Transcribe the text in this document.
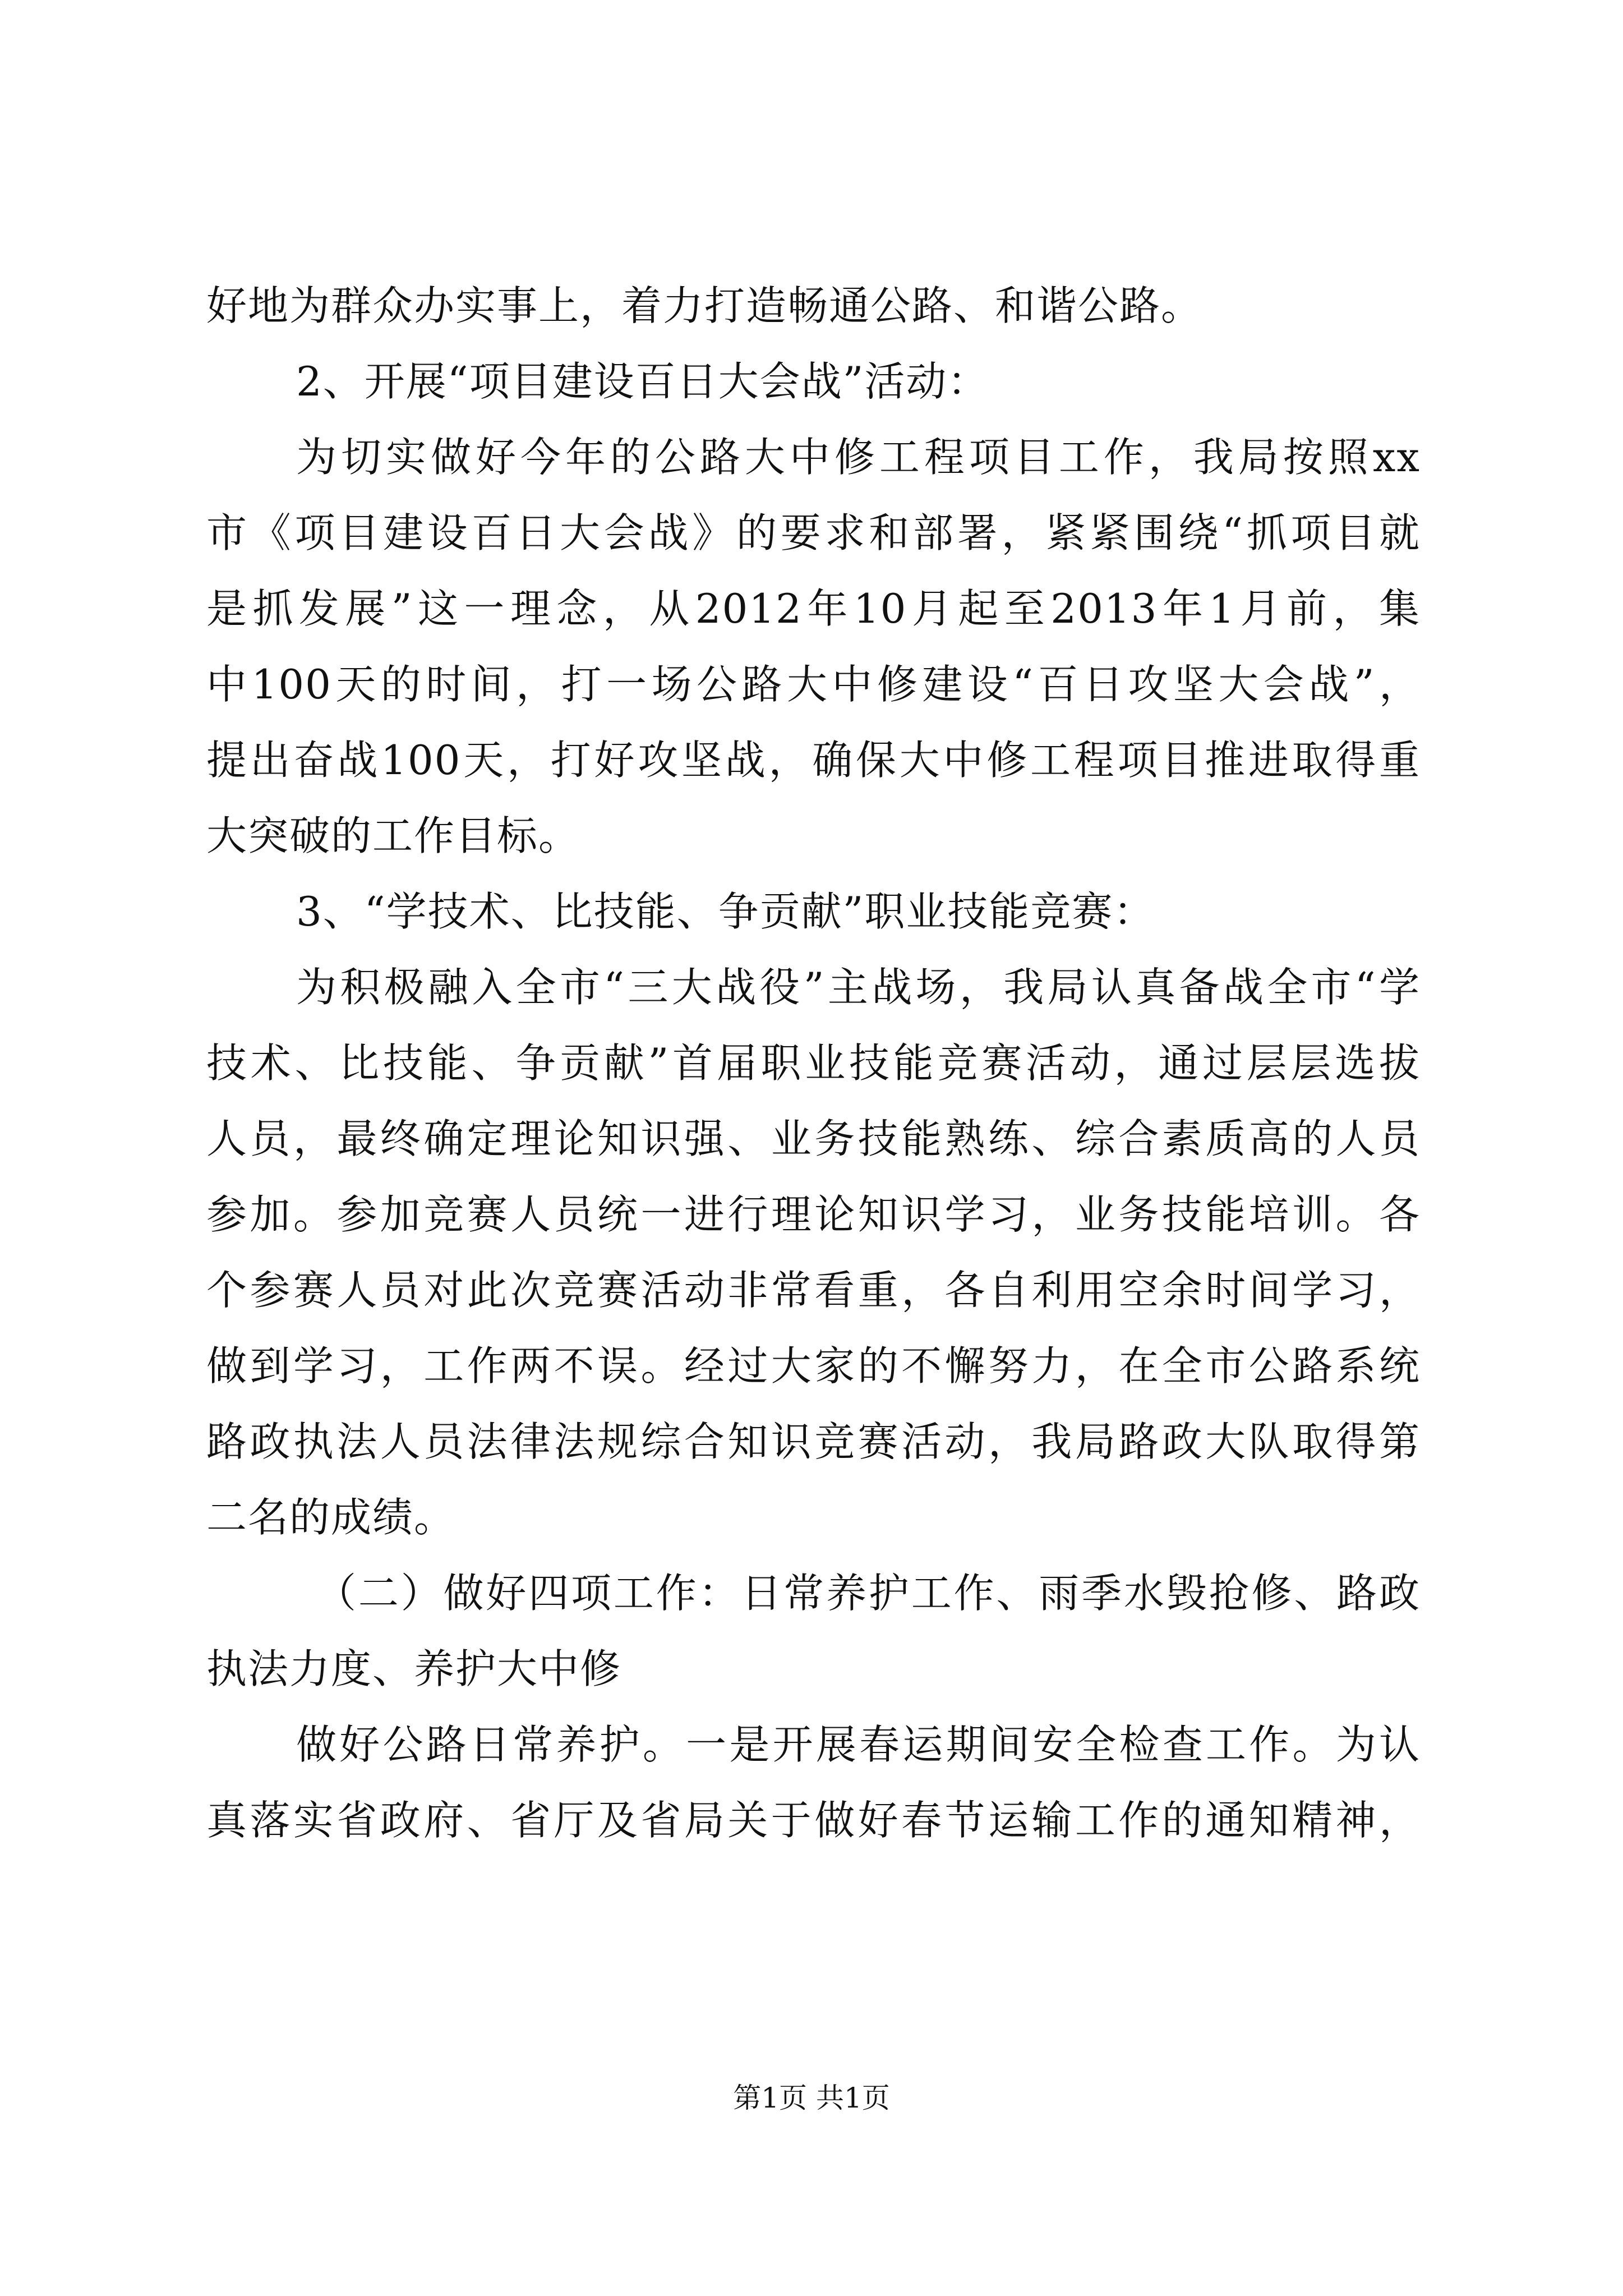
好地为群众办实事上，着力打造畅通公路、和谐公路。
2、开展“项目建设百日大会战”活动：
为切实做好今年的公路大中修工程项目工作，我局按照xx
市《项目建设百日大会战》的要求和部署，紧紧围绕“抓项目就
是抓发展”这一理念，从2012年10月起至2013年1月前，集
中100天的时间，打一场公路大中修建设“百日攻坚大会战”，
提出奋战100天，打好攻坚战，确保大中修工程项目推进取得重
大突破的工作目标。
3、“学技术、比技能、争贡献”职业技能竞赛：
为积极融入全市“三大战役”主战场，我局认真备战全市“学
技术、比技能、争贡献”首届职业技能竞赛活动，通过层层选拔
人员，最终确定理论知识强、业务技能熟练、综合素质高的人员
参加。参加竞赛人员统一进行理论知识学习，业务技能培训。各
个参赛人员对此次竞赛活动非常看重，各自利用空余时间学习，
做到学习，工作两不误。经过大家的不懈努力，在全市公路系统
路政执法人员法律法规综合知识竞赛活动，我局路政大队取得第
二名的成绩。
（二）做好四项工作：日常养护工作、雨季水毁抢修、路政
执法力度、养护大中修
做好公路日常养护。一是开展春运期间安全检查工作。为认
真落实省政府、省厅及省局关于做好春节运输工作的通知精神，
第1页 共1页
